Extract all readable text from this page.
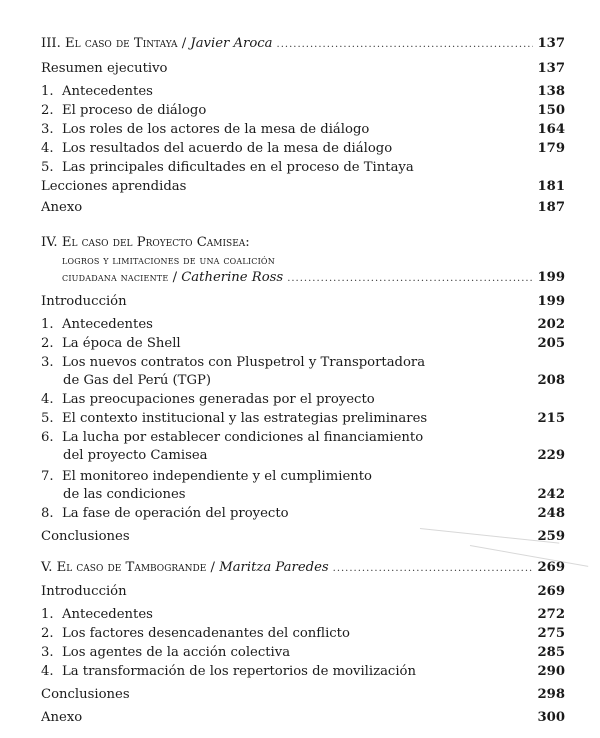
III. El caso de Tintaya / Javier Aroca .....	137
Resumen ejecutivo	137
1. Antecedentes	138
2. El proceso de diálogo	150
3. Los roles de los actores de la mesa de diálogo	164
4. Los resultados del acuerdo de la mesa de diálogo	179
5. Las principales dificultades en el proceso de Tintaya
Lecciones aprendidas	181
Anexo	187
IV. El caso del Proyecto Camisea:
logros y limitaciones de una coalición
ciudadana naciente / Catherine Ross .....	199
Introducción	199
1. Antecedentes	202
2. La época de Shell	205
3. Los nuevos contratos con Pluspetrol y Transportadora
de Gas del Perú (TGP)	208
4. Las preocupaciones generadas por el proyecto
5. El contexto institucional y las estrategias preliminares	215
6. La lucha por establecer condiciones al financiamiento
del proyecto Camisea	229
7. El monitoreo independiente y el cumplimiento
de las condiciones	242
8. La fase de operación del proyecto	248
Conclusiones	259
V. El caso de Tambogrande / Maritza Paredes .....	269
Introducción	269
1. Antecedentes	272
2. Los factores desencadenantes del conflicto	275
3. Los agentes de la acción colectiva	285
4. La transformación de los repertorios de movilización	290
Conclusiones	298
Anexo	300
